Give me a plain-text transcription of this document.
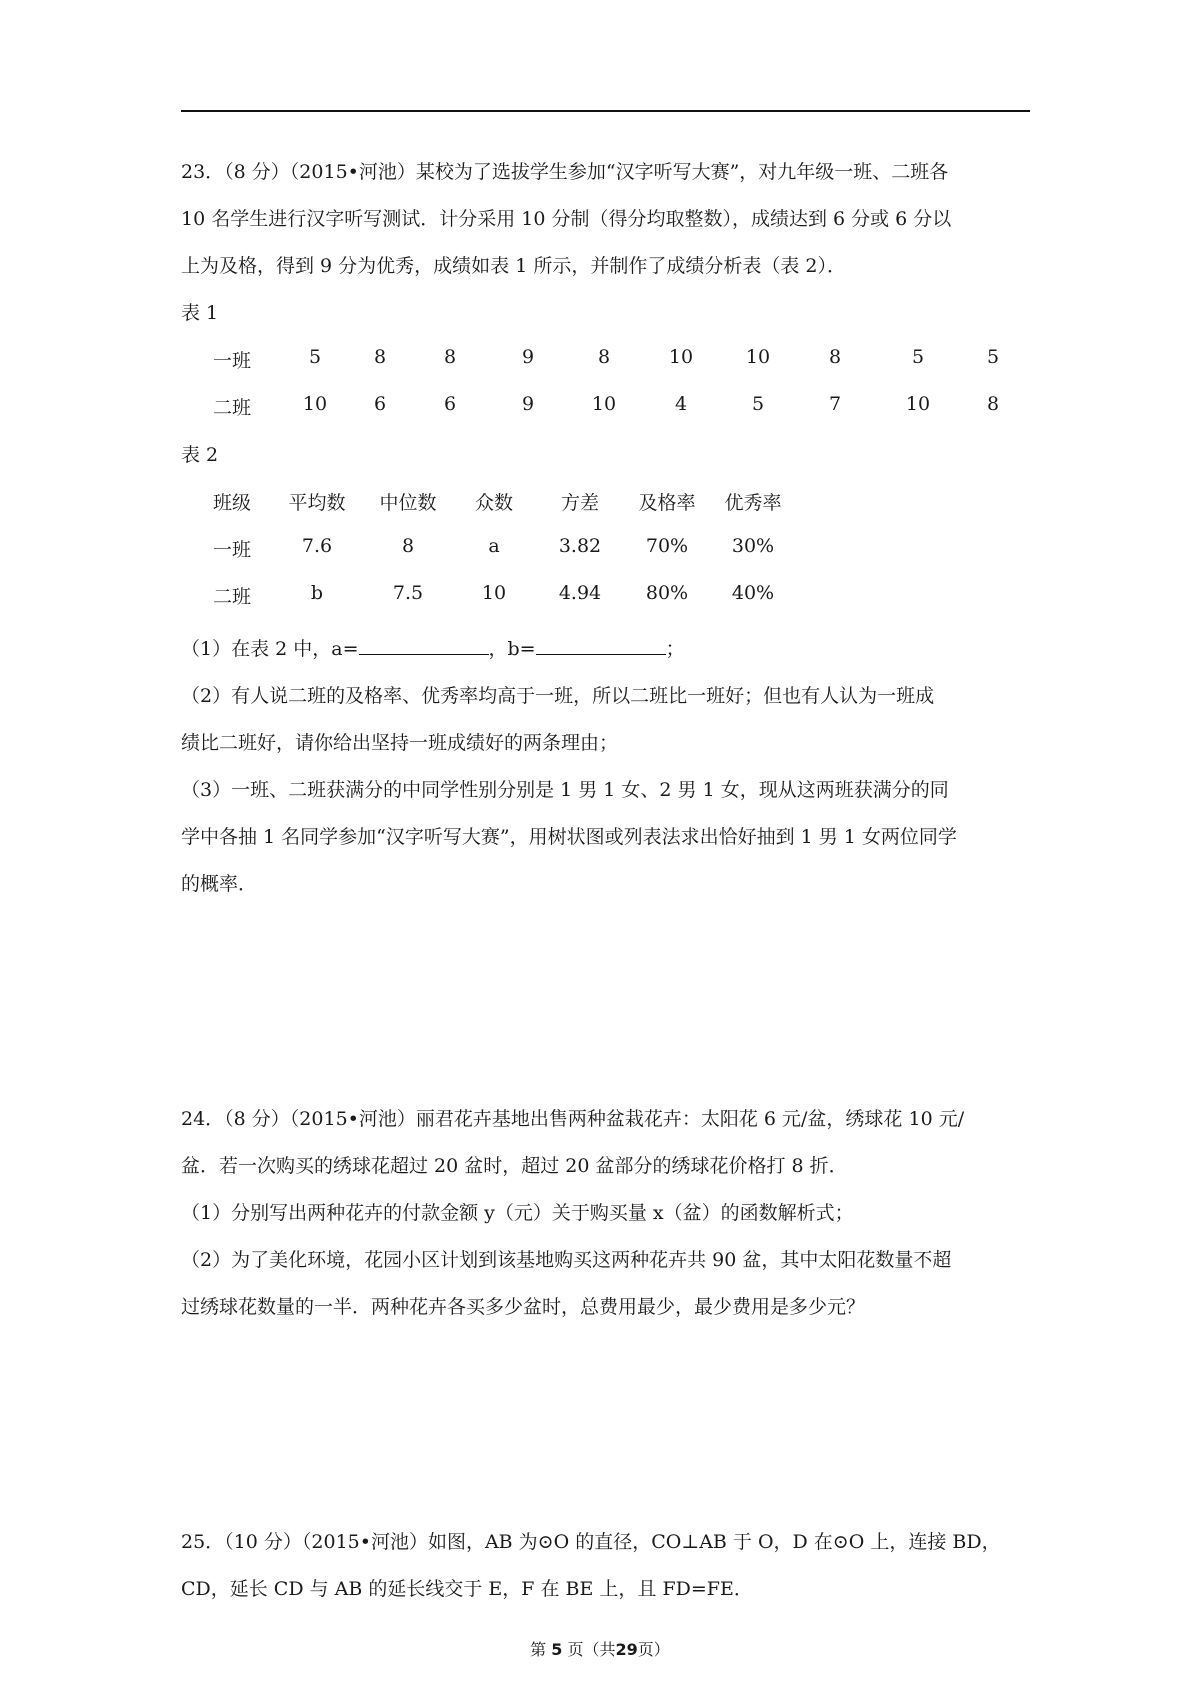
23．（8 分）（2015•河池）某校为了选拔学生参加“汉字听写大赛”，对九年级一班、二班各
10 名学生进行汉字听写测试．计分采用 10 分制（得分均取整数），成绩达到 6 分或 6 分以
上为及格，得到 9 分为优秀，成绩如表 1 所示，并制作了成绩分析表（表 2）．
表 1
一班	5	8	8	9	8	10	10	8	5	5
二班	10 6	6	9	10	4	5	7	10	8
表 2
班级 平均数 中位数 众数	方差 及格率 优秀率
一班	7.6	8	a	3.82 70% 30%
二班	b	7.5	10	4.94 80% 40%
（1）在表 2 中，a=	，b=	；
（2）有人说二班的及格率、优秀率均高于一班，所以二班比一班好；但也有人认为一班成
绩比二班好，请你给出坚持一班成绩好的两条理由；
（3）一班、二班获满分的中同学性别分别是 1 男 1 女、2 男 1 女，现从这两班获满分的同
学中各抽 1 名同学参加“汉字听写大赛”，用树状图或列表法求出恰好抽到 1 男 1 女两位同学
的概率．
24．（8 分）（2015•河池）丽君花卉基地出售两种盆栽花卉：太阳花 6 元/盆，绣球花 10 元/
盆．若一次购买的绣球花超过 20 盆时，超过 20 盆部分的绣球花价格打 8 折．
（1）分别写出两种花卉的付款金额 y（元）关于购买量 x（盆）的函数解析式；
（2）为了美化环境，花园小区计划到该基地购买这两种花卉共 90 盆，其中太阳花数量不超
过绣球花数量的一半．两种花卉各买多少盆时，总费用最少，最少费用是多少元？
25．（10 分）（2015•河池）如图，AB 为⊙O 的直径，CO⊥AB 于 O，D 在⊙O 上，连接 BD，
CD，延长 CD 与 AB 的延长线交于 E，F 在 BE 上，且 FD=FE．
第 5 页（共29页）
